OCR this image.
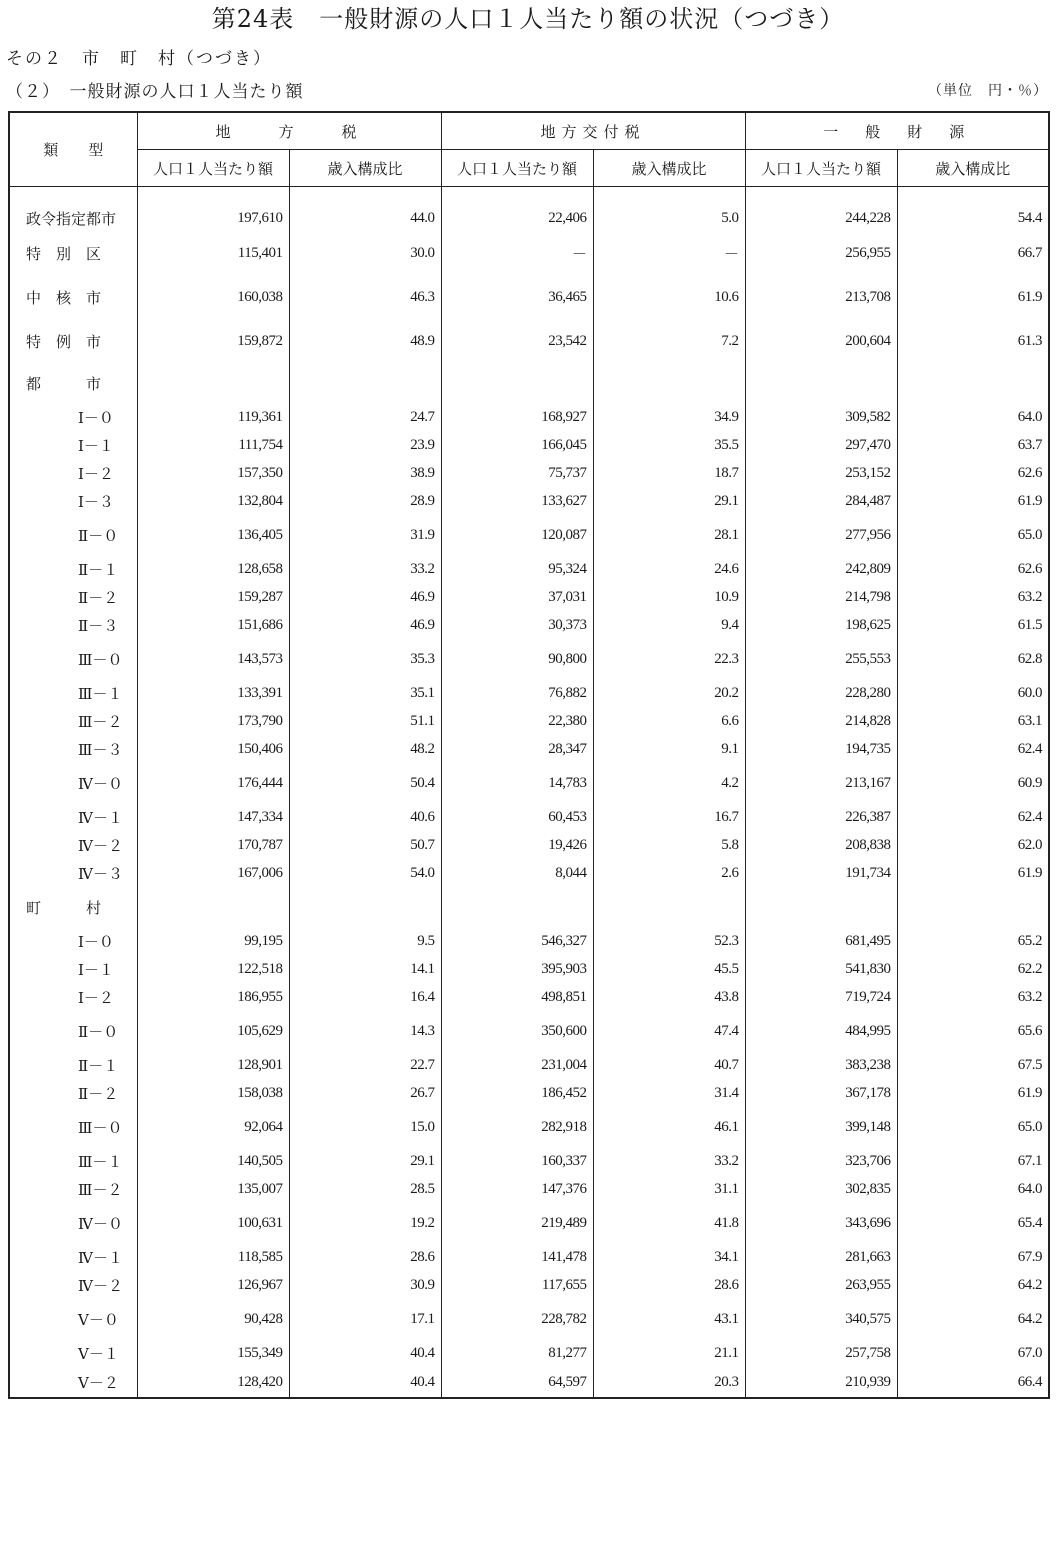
第24表　一般財源の人口１人当たり額の状況（つづき）
その２　市　町　村（つづき）
（２）　一般財源の人口１人当たり額	（単位　円・％）
類　　型	地　　方　　税		地方交付税		一　般　財　源	
	人口１人当たり額	歳入構成比	人口１人当たり額	歳入構成比	人口１人当たり額	歳入構成比
政令指定都市	197,610	44.0	22,406	5.0	244,228	54.4
特　別　区	115,401	30.0	－	－	256,955	66.7
中　核　市	160,038	46.3	36,465	10.6	213,708	61.9
特　例　市	159,872	48.9	23,542	7.2	200,604	61.3
都　　　市						
Ⅰ－０	119,361	24.7	168,927	34.9	309,582	64.0
Ⅰ－１	111,754	23.9	166,045	35.5	297,470	63.7
Ⅰ－２	157,350	38.9	75,737	18.7	253,152	62.6
Ⅰ－３	132,804	28.9	133,627	29.1	284,487	61.9
Ⅱ－０	136,405	31.9	120,087	28.1	277,956	65.0
Ⅱ－１	128,658	33.2	95,324	24.6	242,809	62.6
Ⅱ－２	159,287	46.9	37,031	10.9	214,798	63.2
Ⅱ－３	151,686	46.9	30,373	9.4	198,625	61.5
Ⅲ－０	143,573	35.3	90,800	22.3	255,553	62.8
Ⅲ－１	133,391	35.1	76,882	20.2	228,280	60.0
Ⅲ－２	173,790	51.1	22,380	6.6	214,828	63.1
Ⅲ－３	150,406	48.2	28,347	9.1	194,735	62.4
Ⅳ－０	176,444	50.4	14,783	4.2	213,167	60.9
Ⅳ－１	147,334	40.6	60,453	16.7	226,387	62.4
Ⅳ－２	170,787	50.7	19,426	5.8	208,838	62.0
Ⅳ－３	167,006	54.0	8,044	2.6	191,734	61.9
町　　　村						
Ⅰ－０	99,195	9.5	546,327	52.3	681,495	65.2
Ⅰ－１	122,518	14.1	395,903	45.5	541,830	62.2
Ⅰ－２	186,955	16.4	498,851	43.8	719,724	63.2
Ⅱ－０	105,629	14.3	350,600	47.4	484,995	65.6
Ⅱ－１	128,901	22.7	231,004	40.7	383,238	67.5
Ⅱ－２	158,038	26.7	186,452	31.4	367,178	61.9
Ⅲ－０	92,064	15.0	282,918	46.1	399,148	65.0
Ⅲ－１	140,505	29.1	160,337	33.2	323,706	67.1
Ⅲ－２	135,007	28.5	147,376	31.1	302,835	64.0
Ⅳ－０	100,631	19.2	219,489	41.8	343,696	65.4
Ⅳ－１	118,585	28.6	141,478	34.1	281,663	67.9
Ⅳ－２	126,967	30.9	117,655	28.6	263,955	64.2
Ⅴ－０	90,428	17.1	228,782	43.1	340,575	64.2
Ⅴ－１	155,349	40.4	81,277	21.1	257,758	67.0
Ⅴ－２	128,420	40.4	64,597	20.3	210,939	66.4
